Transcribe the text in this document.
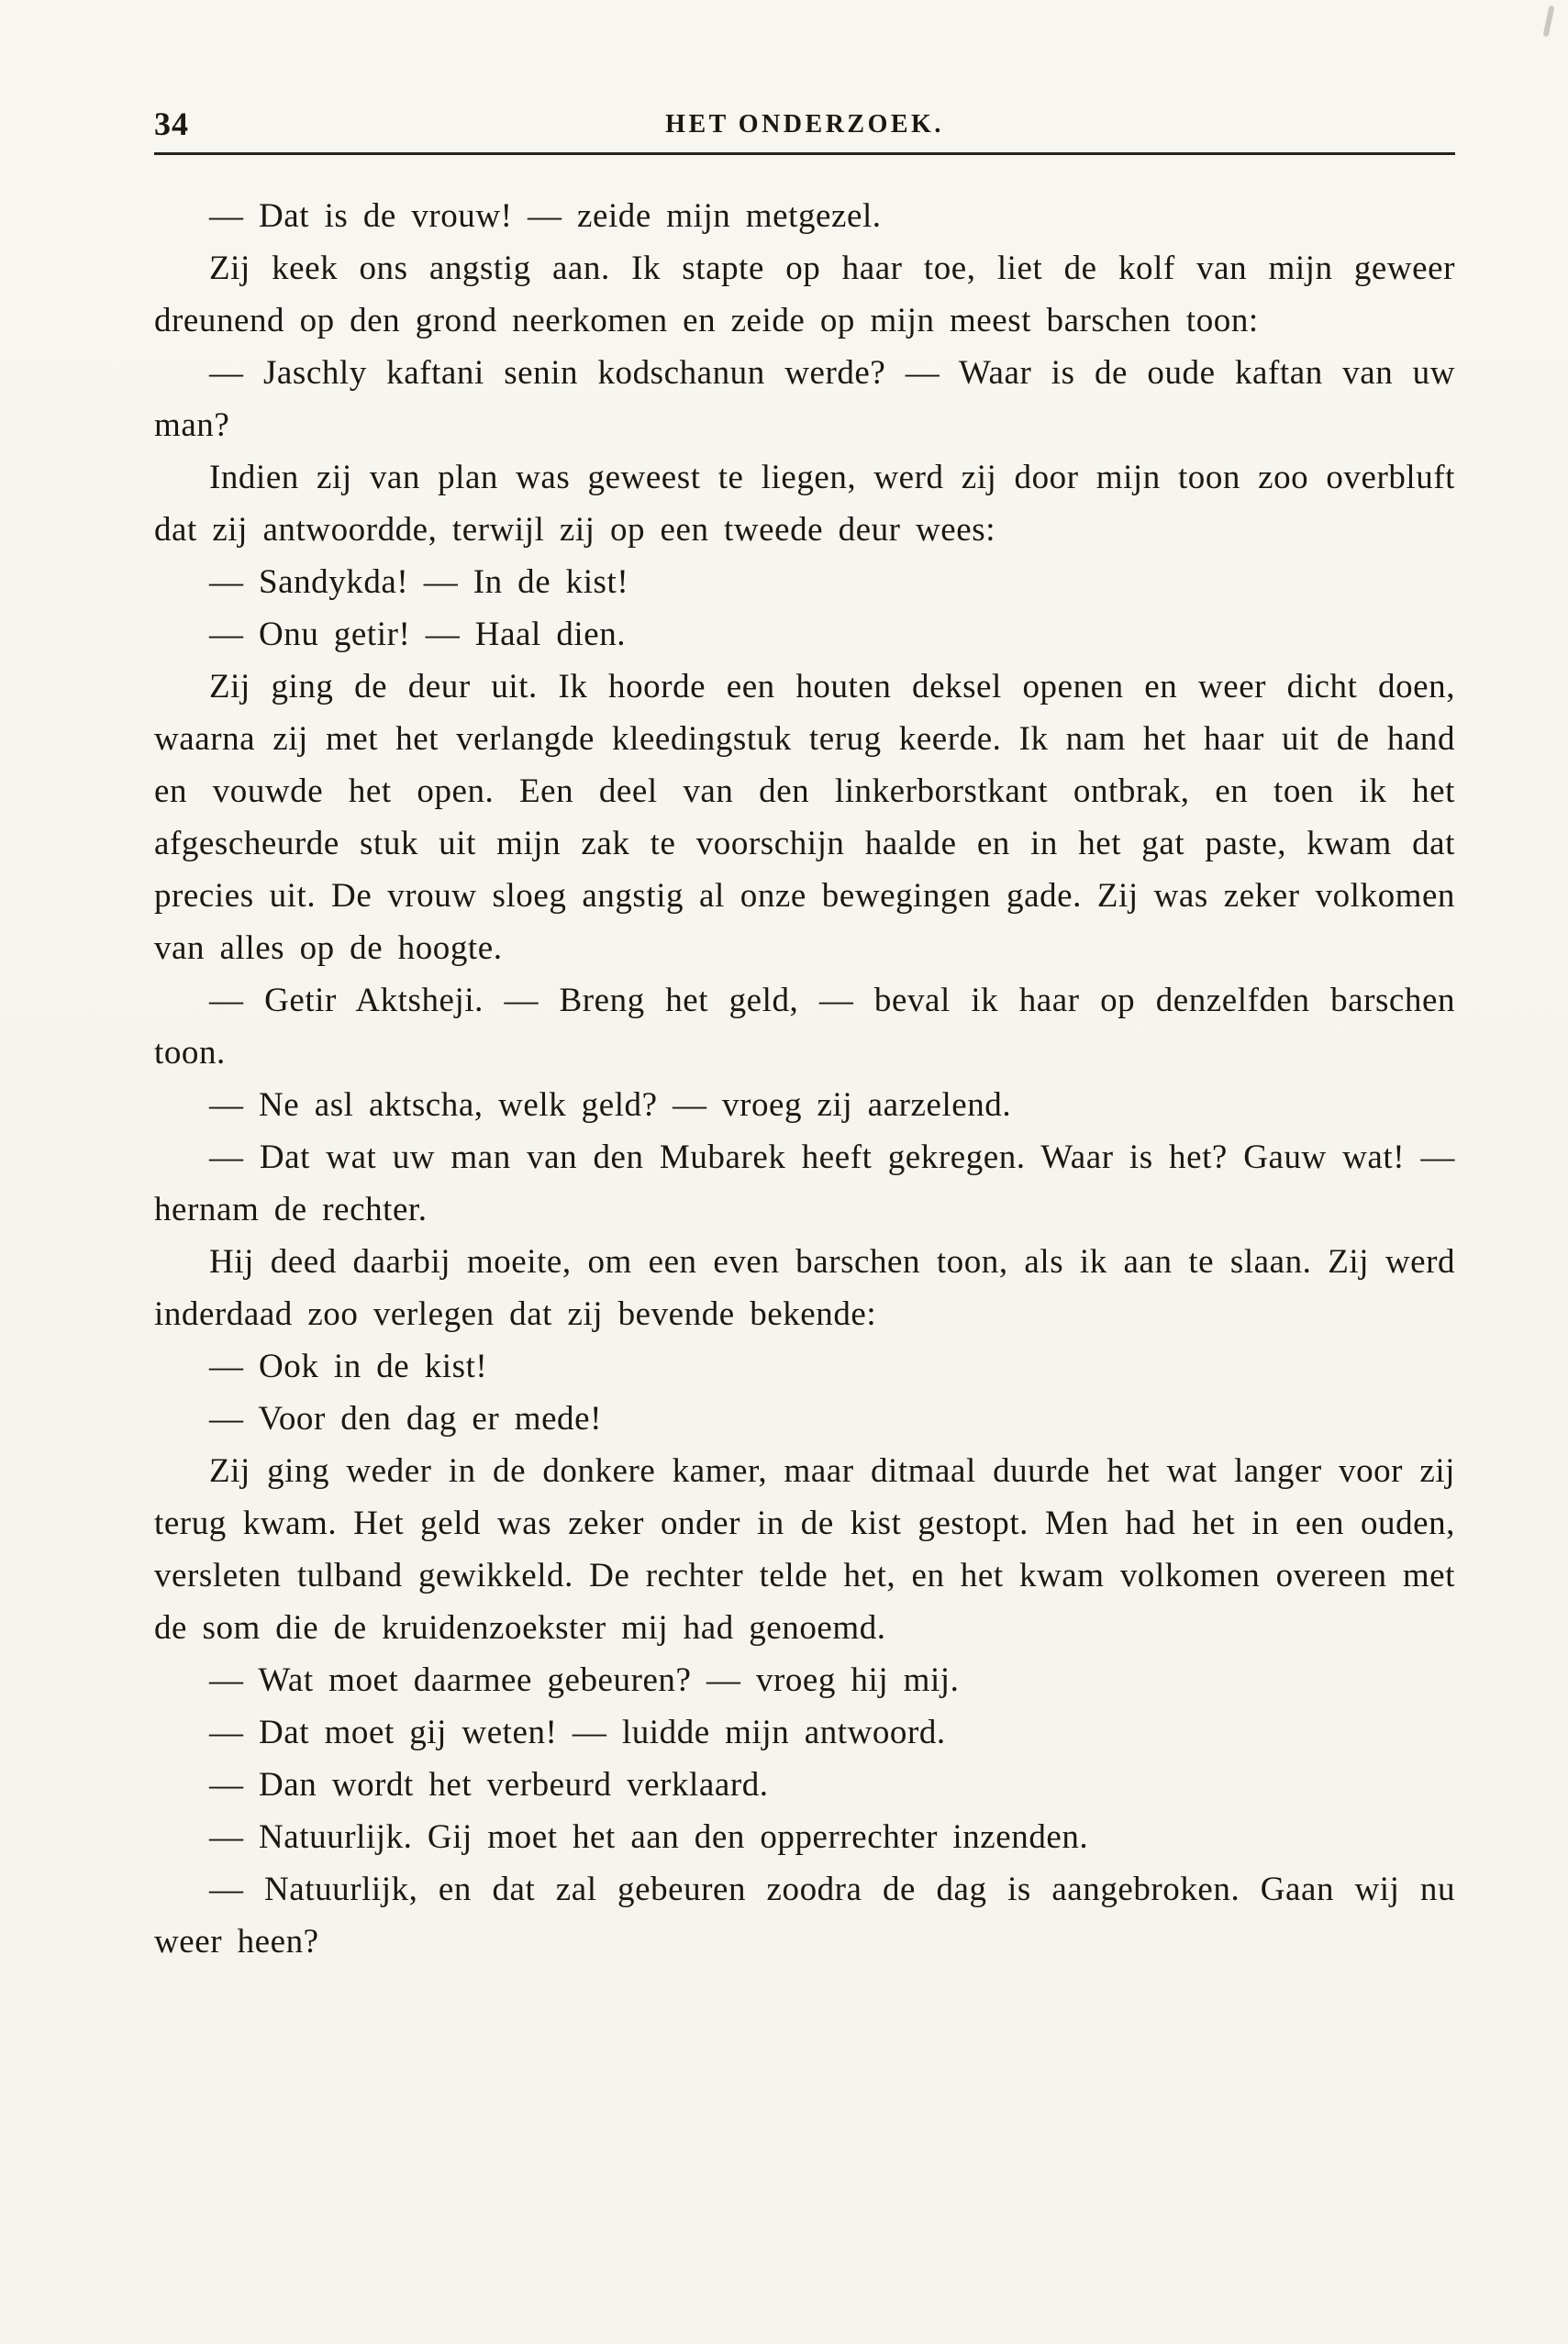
34	HET ONDERZOEK.

— Dat is de vrouw! — zeide mijn metgezel.

Zij keek ons angstig aan. Ik stapte op haar toe, liet de kolf van mijn geweer dreunend op den grond neerkomen en zeide op mijn meest barschen toon:

— Jaschly kaftani senin kodschanun werde? — Waar is de oude kaftan van uw man?

Indien zij van plan was geweest te liegen, werd zij door mijn toon zoo overbluft dat zij antwoordde, terwijl zij op een tweede deur wees:

— Sandykda! — In de kist!

— Onu getir! — Haal dien.

Zij ging de deur uit. Ik hoorde een houten deksel openen en weer dicht doen, waarna zij met het verlangde kleedingstuk terug keerde. Ik nam het haar uit de hand en vouwde het open. Een deel van den linkerborstkant ontbrak, en toen ik het afgescheurde stuk uit mijn zak te voorschijn haalde en in het gat paste, kwam dat precies uit. De vrouw sloeg angstig al onze bewegingen gade. Zij was zeker volkomen van alles op de hoogte.

— Getir Aktsheji. — Breng het geld, — beval ik haar op denzelfden barschen toon.

— Ne asl aktscha, welk geld? — vroeg zij aarzelend.

— Dat wat uw man van den Mubarek heeft gekregen. Waar is het? Gauw wat! — hernam de rechter.

Hij deed daarbij moeite, om een even barschen toon, als ik aan te slaan. Zij werd inderdaad zoo verlegen dat zij bevende bekende:

— Ook in de kist!

— Voor den dag er mede!

Zij ging weder in de donkere kamer, maar ditmaal duurde het wat langer voor zij terug kwam. Het geld was zeker onder in de kist gestopt. Men had het in een ouden, versleten tulband gewikkeld. De rechter telde het, en het kwam volkomen overeen met de som die de kruidenzoekster mij had genoemd.

— Wat moet daarmee gebeuren? — vroeg hij mij.

— Dat moet gij weten! — luidde mijn antwoord.

— Dan wordt het verbeurd verklaard.

— Natuurlijk. Gij moet het aan den opperrechter inzenden.

— Natuurlijk, en dat zal gebeuren zoodra de dag is aangebroken. Gaan wij nu weer heen?
